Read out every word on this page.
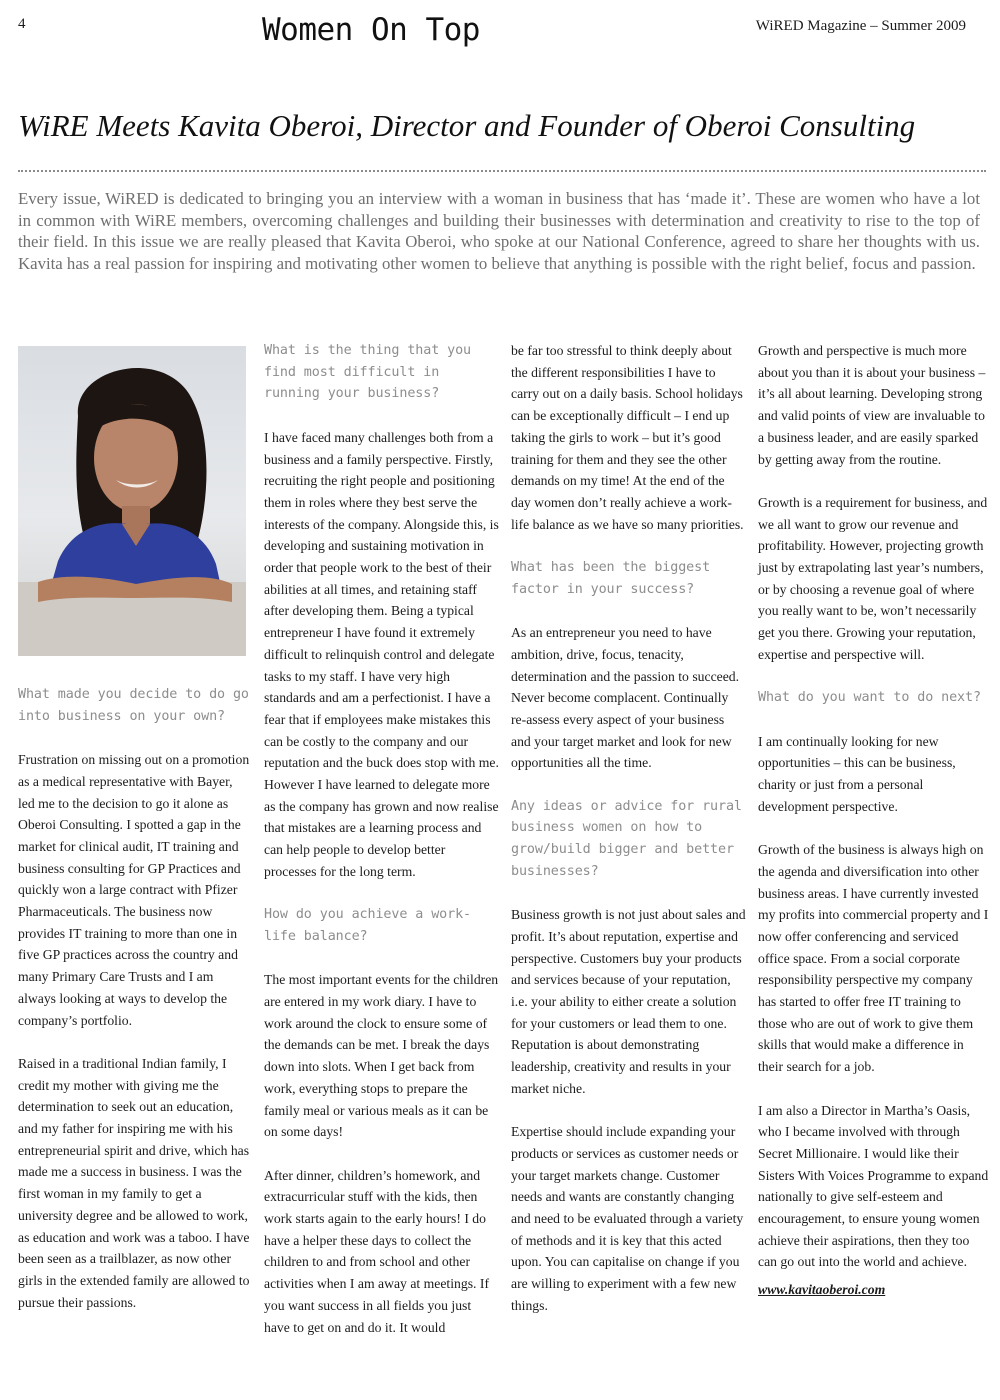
4	Women On Top	WiRED Magazine – Summer 2009
WiRE Meets Kavita Oberoi, Director and Founder of Oberoi Consulting

Every issue, WiRED is dedicated to bringing you an interview with a woman in business that has ‘made it’. These are women who have a lot in common with WiRE members, overcoming challenges and building their businesses with determination and creativity to rise to the top of their field. In this issue we are really pleased that Kavita Oberoi, who spoke at our National Conference, agreed to share her thoughts with us. Kavita has a real passion for inspiring and motivating other women to believe that anything is possible with the right belief, focus and passion.

What made you decide to do go into business on your own?

Frustration on missing out on a promotion as a medical representative with Bayer, led me to the decision to go it alone as Oberoi Consulting. I spotted a gap in the market for clinical audit, IT training and business consulting for GP Practices and quickly won a large contract with Pfizer Pharmaceuticals. The business now provides IT training to more than one in five GP practices across the country and many Primary Care Trusts and I am always looking at ways to develop the company’s portfolio.

Raised in a traditional Indian family, I credit my mother with giving me the determination to seek out an education, and my father for inspiring me with his entrepreneurial spirit and drive, which has made me a success in business. I was the first woman in my family to get a university degree and be allowed to work, as education and work was a taboo. I have been seen as a trailblazer, as now other girls in the extended family are allowed to pursue their passions.

What is the thing that you find most difficult in running your business?

I have faced many challenges both from a business and a family perspective. Firstly, recruiting the right people and positioning them in roles where they best serve the interests of the company. Alongside this, is developing and sustaining motivation in order that people work to the best of their abilities at all times, and retaining staff after developing them. Being a typical entrepreneur I have found it extremely difficult to relinquish control and delegate tasks to my staff. I have very high standards and am a perfectionist. I have a fear that if employees make mistakes this can be costly to the company and our reputation and the buck does stop with me. However I have learned to delegate more as the company has grown and now realise that mistakes are a learning process and can help people to develop better processes for the long term.

How do you achieve a work-life balance?

The most important events for the children are entered in my work diary. I have to work around the clock to ensure some of the demands can be met. I break the days down into slots. When I get back from work, everything stops to prepare the family meal or various meals as it can be on some days!

After dinner, children’s homework, and extracurricular stuff with the kids, then work starts again to the early hours! I do have a helper these days to collect the children to and from school and other activities when I am away at meetings. If you want success in all fields you just have to get on and do it. It would

be far too stressful to think deeply about the different responsibilities I have to carry out on a daily basis. School holidays can be exceptionally difficult – I end up taking the girls to work – but it’s good training for them and they see the other demands on my time! At the end of the day women don’t really achieve a work-life balance as we have so many priorities.

What has been the biggest factor in your success?

As an entrepreneur you need to have ambition, drive, focus, tenacity, determination and the passion to succeed. Never become complacent. Continually re-assess every aspect of your business and your target market and look for new opportunities all the time.

Any ideas or advice for rural business women on how to grow/build bigger and better businesses?

Business growth is not just about sales and profit. It’s about reputation, expertise and perspective. Customers buy your products and services because of your reputation, i.e. your ability to either create a solution for your customers or lead them to one. Reputation is about demonstrating leadership, creativity and results in your market niche.

Expertise should include expanding your products or services as customer needs or your target markets change. Customer needs and wants are constantly changing and need to be evaluated through a variety of methods and it is key that this acted upon. You can capitalise on change if you are willing to experiment with a few new things.

Growth and perspective is much more about you than it is about your business – it’s all about learning. Developing strong and valid points of view are invaluable to a business leader, and are easily sparked by getting away from the routine.

Growth is a requirement for business, and we all want to grow our revenue and profitability. However, projecting growth just by extrapolating last year’s numbers, or by choosing a revenue goal of where you really want to be, won’t necessarily get you there. Growing your reputation, expertise and perspective will.

What do you want to do next?

I am continually looking for new opportunities – this can be business, charity or just from a personal development perspective.

Growth of the business is always high on the agenda and diversification into other business areas. I have currently invested my profits into commercial property and I now offer conferencing and serviced office space. From a social corporate responsibility perspective my company has started to offer free IT training to those who are out of work to give them skills that would make a difference in their search for a job.

I am also a Director in Martha’s Oasis, who I became involved with through Secret Millionaire. I would like their Sisters With Voices Programme to expand nationally to give self-esteem and encouragement, to ensure young women achieve their aspirations, then they too can go out into the world and achieve.

www.kavitaoberoi.com
